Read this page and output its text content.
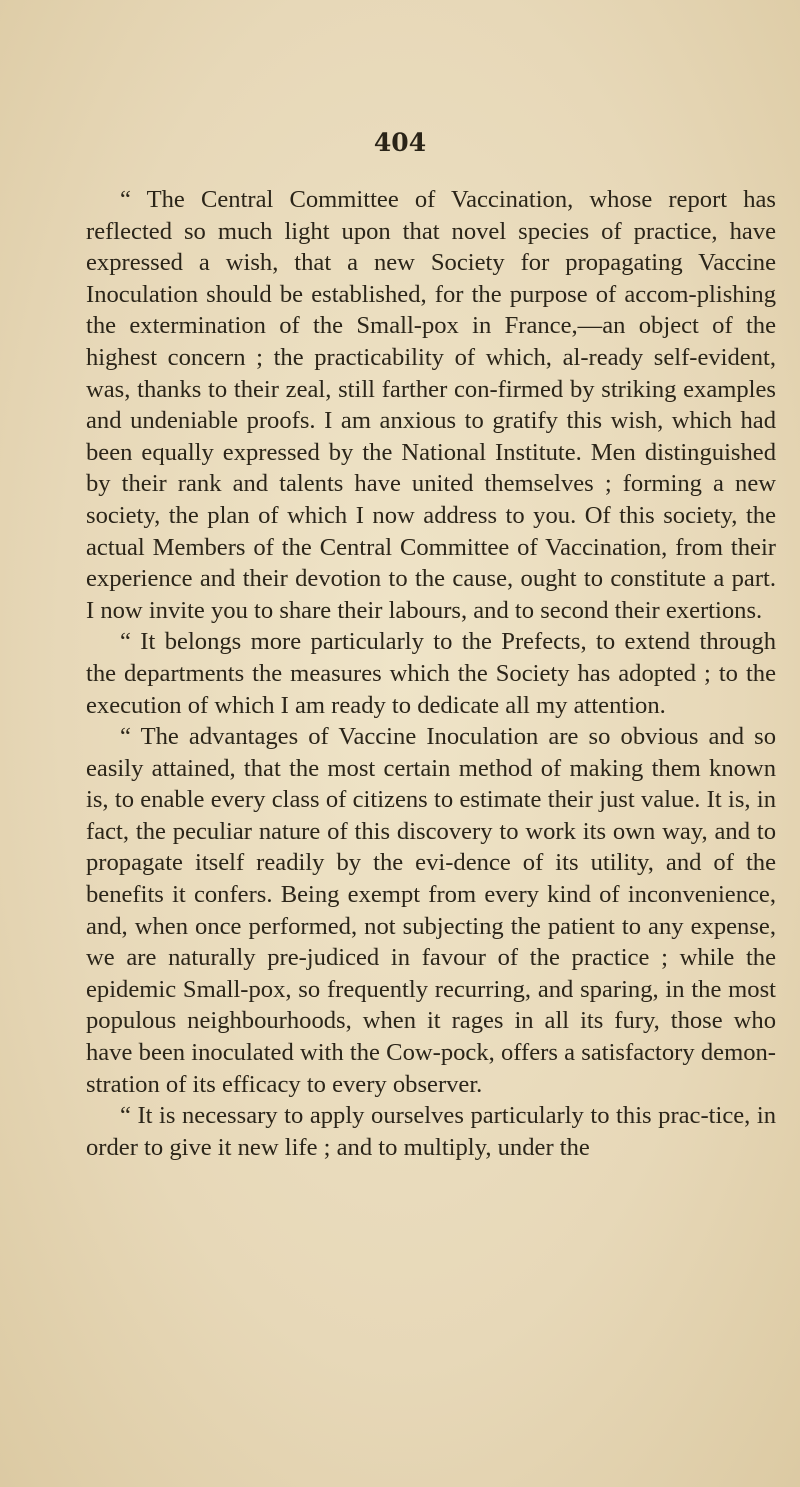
404

“ The Central Committee of Vaccination, whose report has reflected so much light upon that novel species of practice, have expressed a wish, that a new Society for propagating Vaccine Inoculation should be established, for the purpose of accom-plishing the extermination of the Small-pox in France,—an object of the highest concern ; the practicability of which, al-ready self-evident, was, thanks to their zeal, still farther con-firmed by striking examples and undeniable proofs. I am anxious to gratify this wish, which had been equally expressed by the National Institute. Men distinguished by their rank and talents have united themselves ; forming a new society, the plan of which I now address to you. Of this society, the actual Members of the Central Committee of Vaccination, from their experience and their devotion to the cause, ought to constitute a part. I now invite you to share their labours, and to second their exertions.

“ It belongs more particularly to the Prefects, to extend through the departments the measures which the Society has adopted ; to the execution of which I am ready to dedicate all my attention.

“ The advantages of Vaccine Inoculation are so obvious and so easily attained, that the most certain method of making them known is, to enable every class of citizens to estimate their just value. It is, in fact, the peculiar nature of this discovery to work its own way, and to propagate itself readily by the evi-dence of its utility, and of the benefits it confers. Being exempt from every kind of inconvenience, and, when once performed, not subjecting the patient to any expense, we are naturally pre-judiced in favour of the practice ; while the epidemic Small-pox, so frequently recurring, and sparing, in the most populous neighbourhoods, when it rages in all its fury, those who have been inoculated with the Cow-pock, offers a satisfactory demon-stration of its efficacy to every observer.

“ It is necessary to apply ourselves particularly to this prac-tice, in order to give it new life ; and to multiply, under the
